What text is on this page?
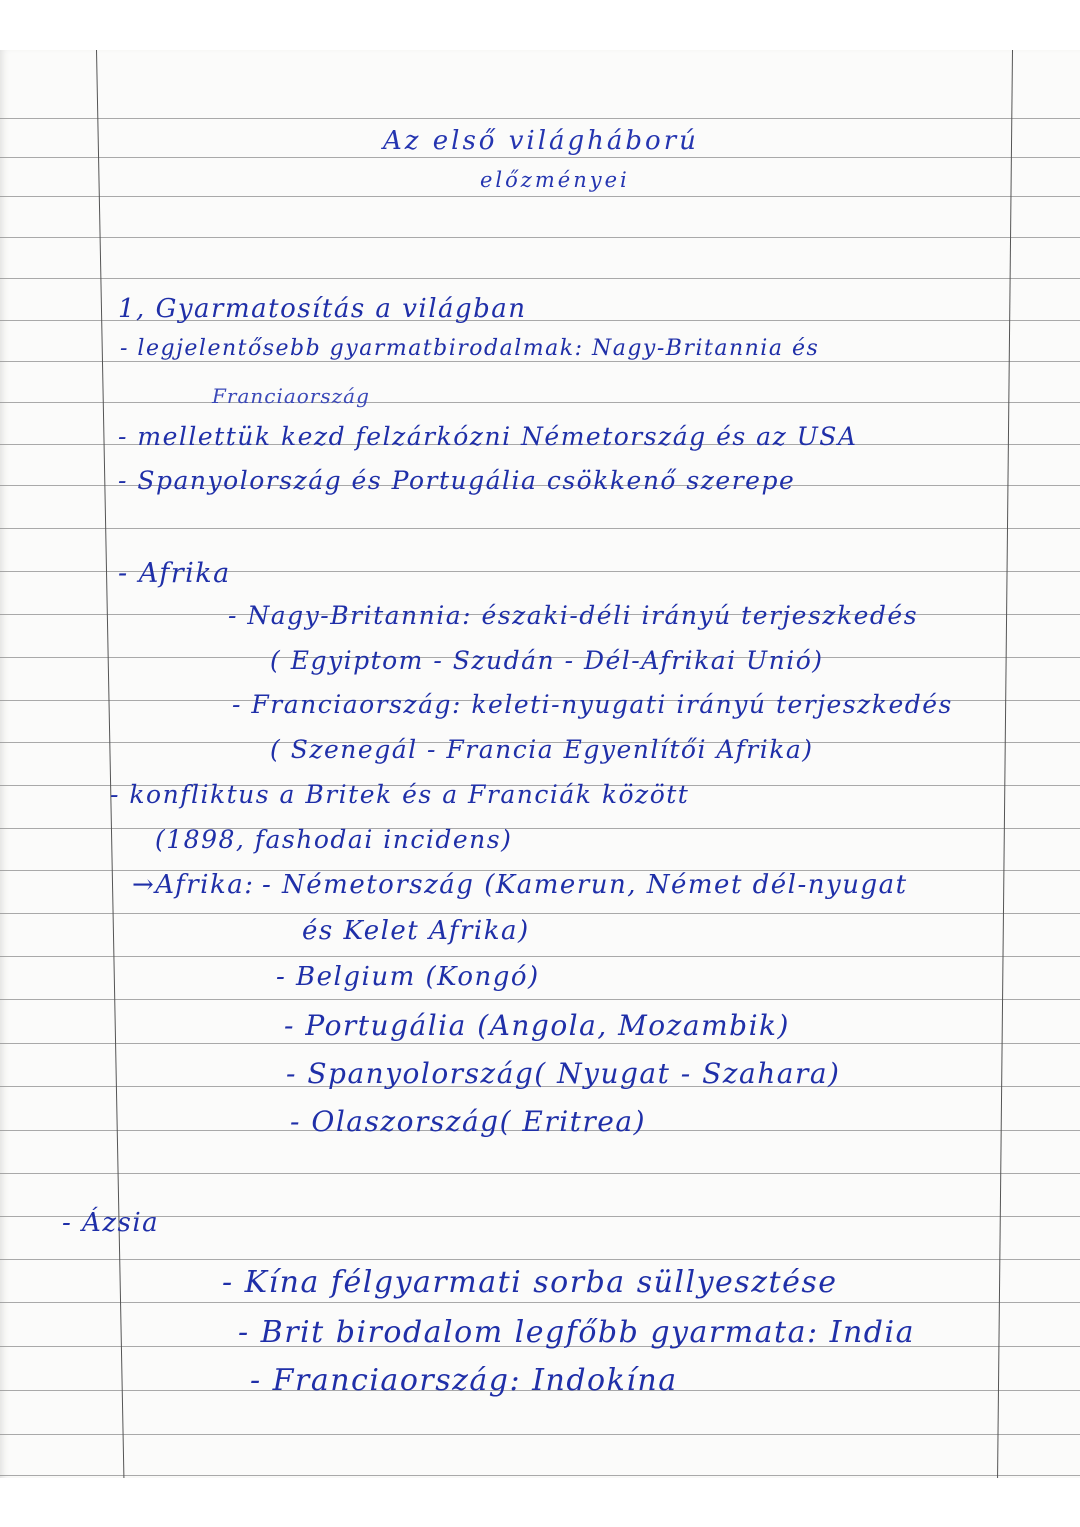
Az első világháború
előzményei
1, Gyarmatosítás a világban
- legjelentősebb gyarmatbirodalmak: Nagy-Britannia és
Franciaország
- mellettük kezd felzárkózni Németország és az USA
- Spanyolország és Portugália csökkenő szerepe
- Afrika
- Nagy-Britannia: északi-déli irányú terjeszkedés
( Egyiptom - Szudán - Dél-Afrikai Unió)
- Franciaország: keleti-nyugati irányú terjeszkedés
( Szenegál - Francia Egyenlítői Afrika)
- konfliktus a Britek és a Franciák között
(1898, fashodai incidens)
→Afrika: - Németország (Kamerun, Német dél-nyugat
és Kelet Afrika)
- Belgium (Kongó)
- Portugália (Angola, Mozambik)
- Spanyolország( Nyugat - Szahara)
- Olaszország( Eritrea)
- Ázsia
- Kína félgyarmati sorba süllyesztése
- Brit birodalom legfőbb gyarmata: India
- Franciaország: Indokína
